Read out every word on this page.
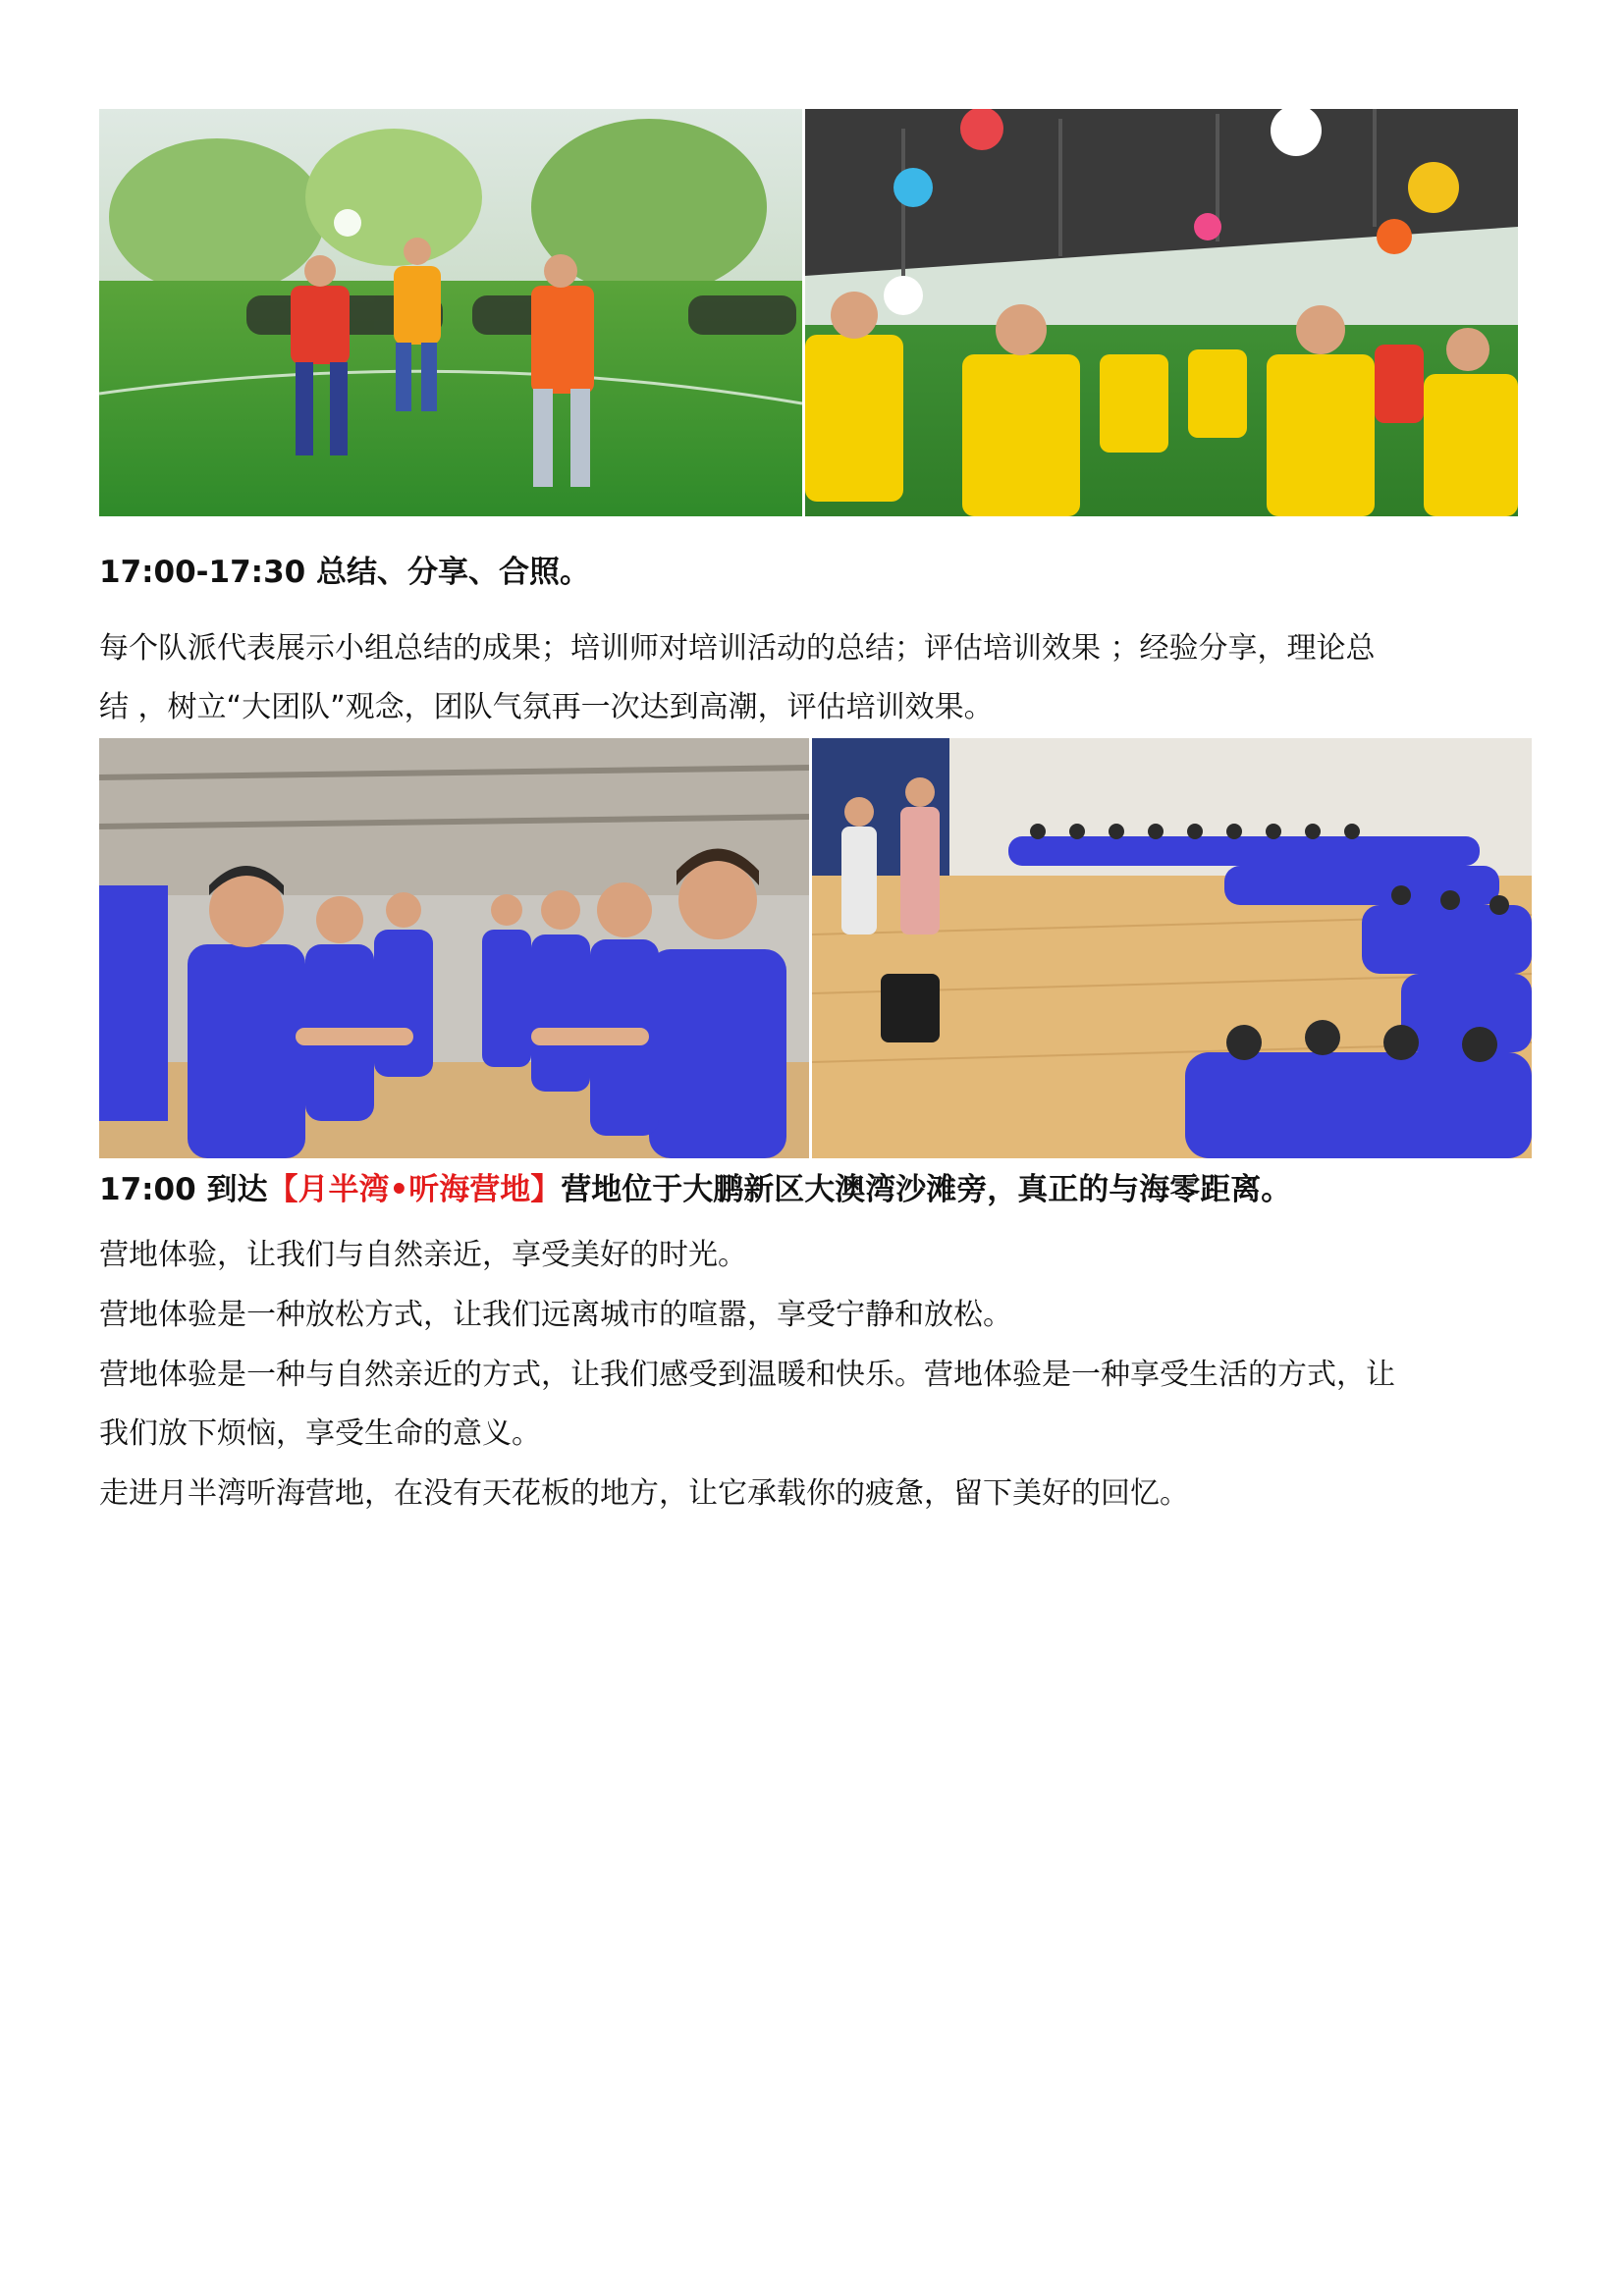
17:00-17:30 总结、分享、合照。

每个队派代表展示小组总结的成果；培训师对培训活动的总结；评估培训效果 ；经验分享，理论总

结 ，树立“大团队”观念，团队气氛再一次达到高潮，评估培训效果。

17:00 到达【月半湾•听海营地】营地位于大鹏新区大澳湾沙滩旁，真正的与海零距离。
营地体验，让我们与自然亲近，享受美好的时光。
营地体验是一种放松方式，让我们远离城市的喧嚣，享受宁静和放松。
营地体验是一种与自然亲近的方式，让我们感受到温暖和快乐。营地体验是一种享受生活的方式，让
我们放下烦恼，享受生命的意义。
走进月半湾听海营地，在没有天花板的地方，让它承载你的疲惫，留下美好的回忆。
